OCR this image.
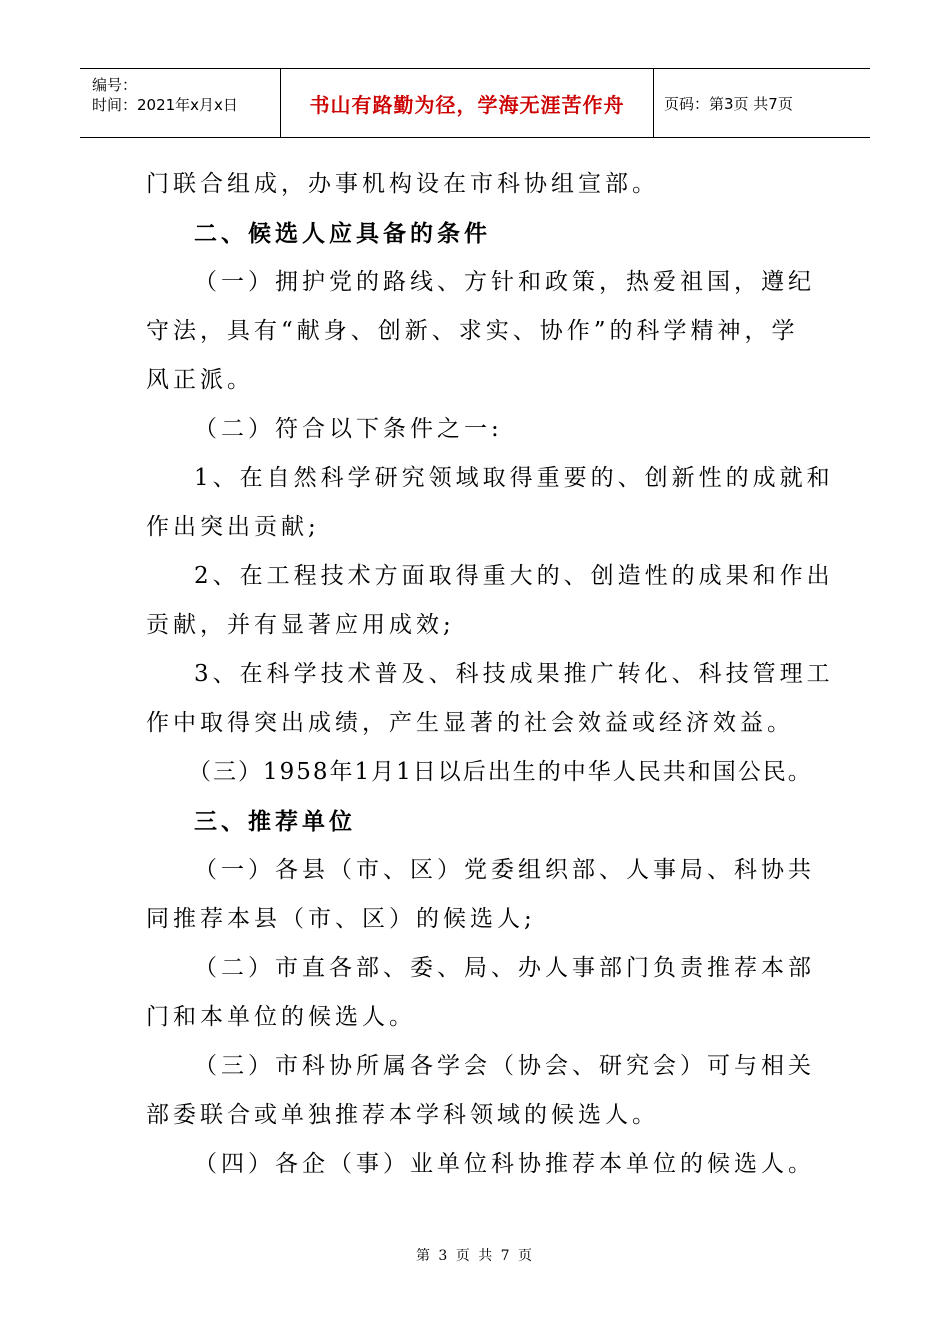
编号：
时间：2021年x月x日	书山有路勤为径，学海无涯苦作舟	页码：第3页 共7页

门联合组成，办事机构设在市科协组宣部。

二、候选人应具备的条件

（一）拥护党的路线、方针和政策，热爱祖国，遵纪

守法，具有“献身、创新、求实、协作”的科学精神，学

风正派。

（二）符合以下条件之一:

1、在自然科学研究领域取得重要的、创新性的成就和

作出突出贡献;

2、在工程技术方面取得重大的、创造性的成果和作出

贡献，并有显著应用成效;

3、在科学技术普及、科技成果推广转化、科技管理工

作中取得突出成绩，产生显著的社会效益或经济效益。

（三）1958年1月1日以后出生的中华人民共和国公民。

三、推荐单位

（一）各县（市、区）党委组织部、人事局、科协共

同推荐本县（市、区）的候选人;

（二）市直各部、委、局、办人事部门负责推荐本部

门和本单位的候选人。

（三）市科协所属各学会（协会、研究会）可与相关

部委联合或单独推荐本学科领域的候选人。

（四）各企（事）业单位科协推荐本单位的候选人。

第 3 页 共 7 页
